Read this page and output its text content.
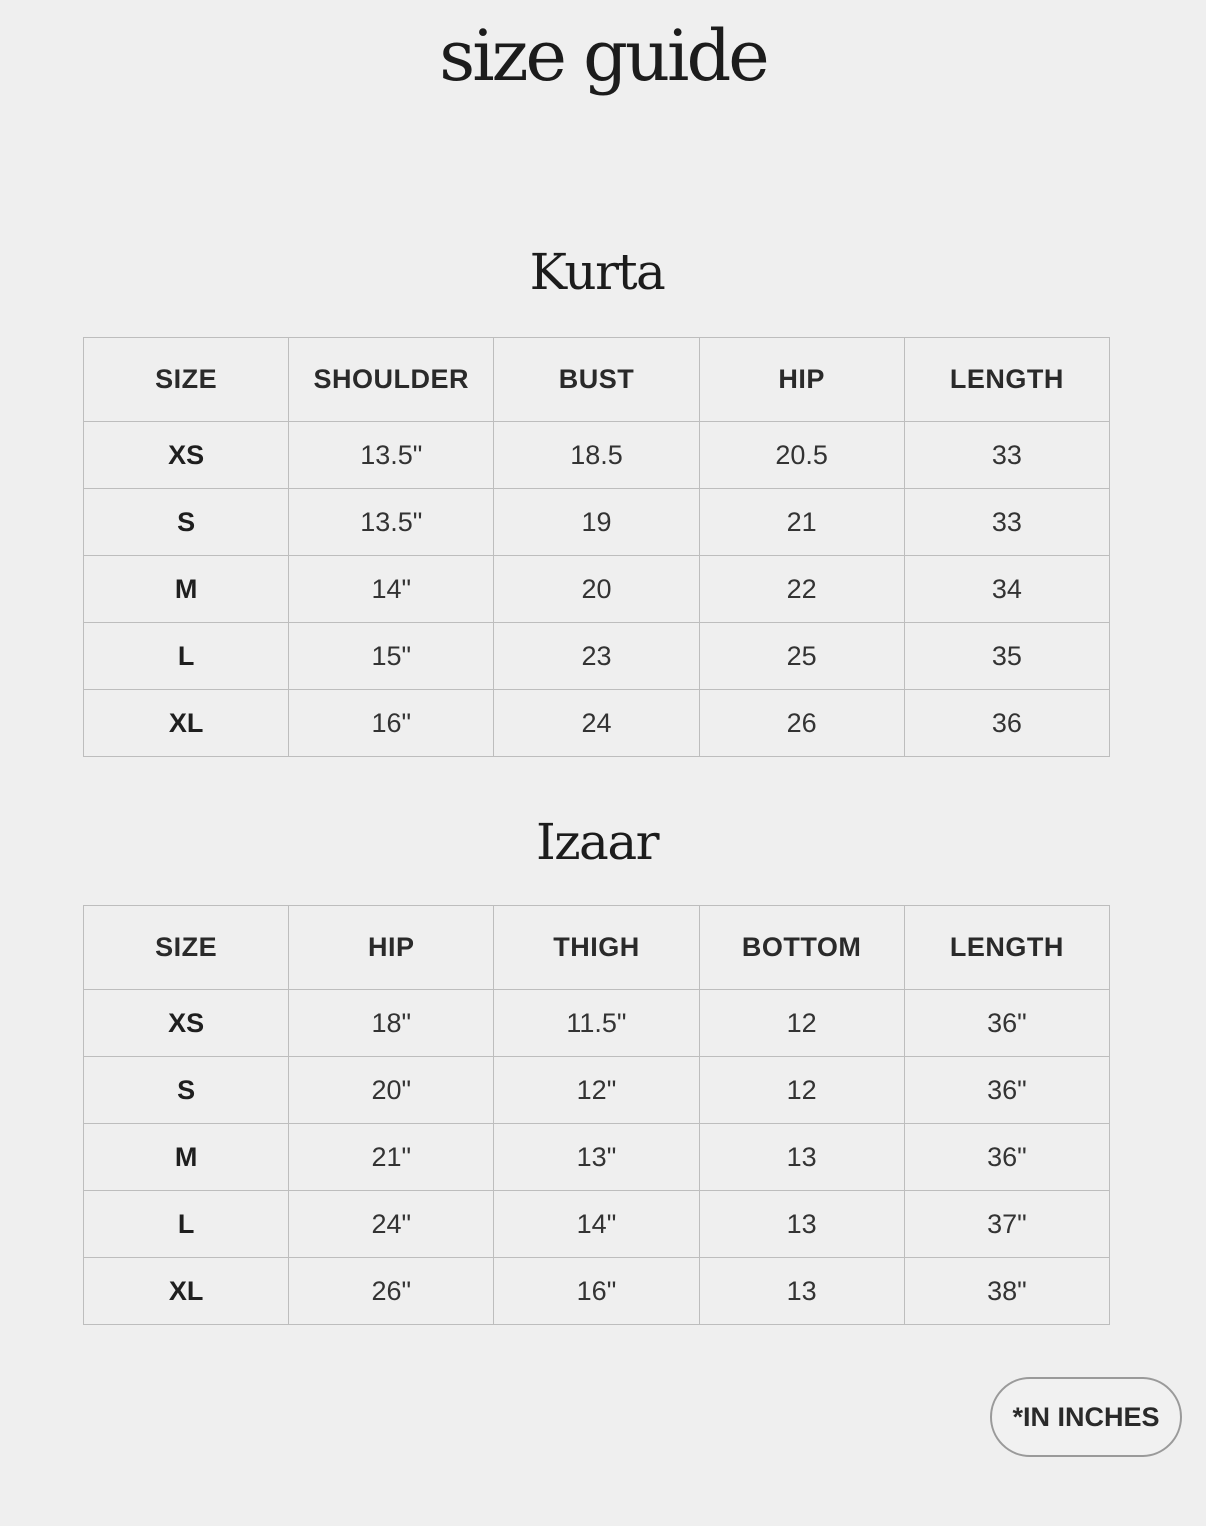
size guide
Kurta
SIZE	SHOULDER	BUST	HIP	LENGTH
XS	13.5"	18.5	20.5	33
S	13.5"	19	21	33
M	14"	20	22	34
L	15"	23	25	35
XL	16"	24	26	36
Izaar
SIZE	HIP	THIGH	BOTTOM	LENGTH
XS	18"	11.5"	12	36"
S	20"	12"	12	36"
M	21"	13"	13	36"
L	24"	14"	13	37"
XL	26"	16"	13	38"
*IN INCHES
